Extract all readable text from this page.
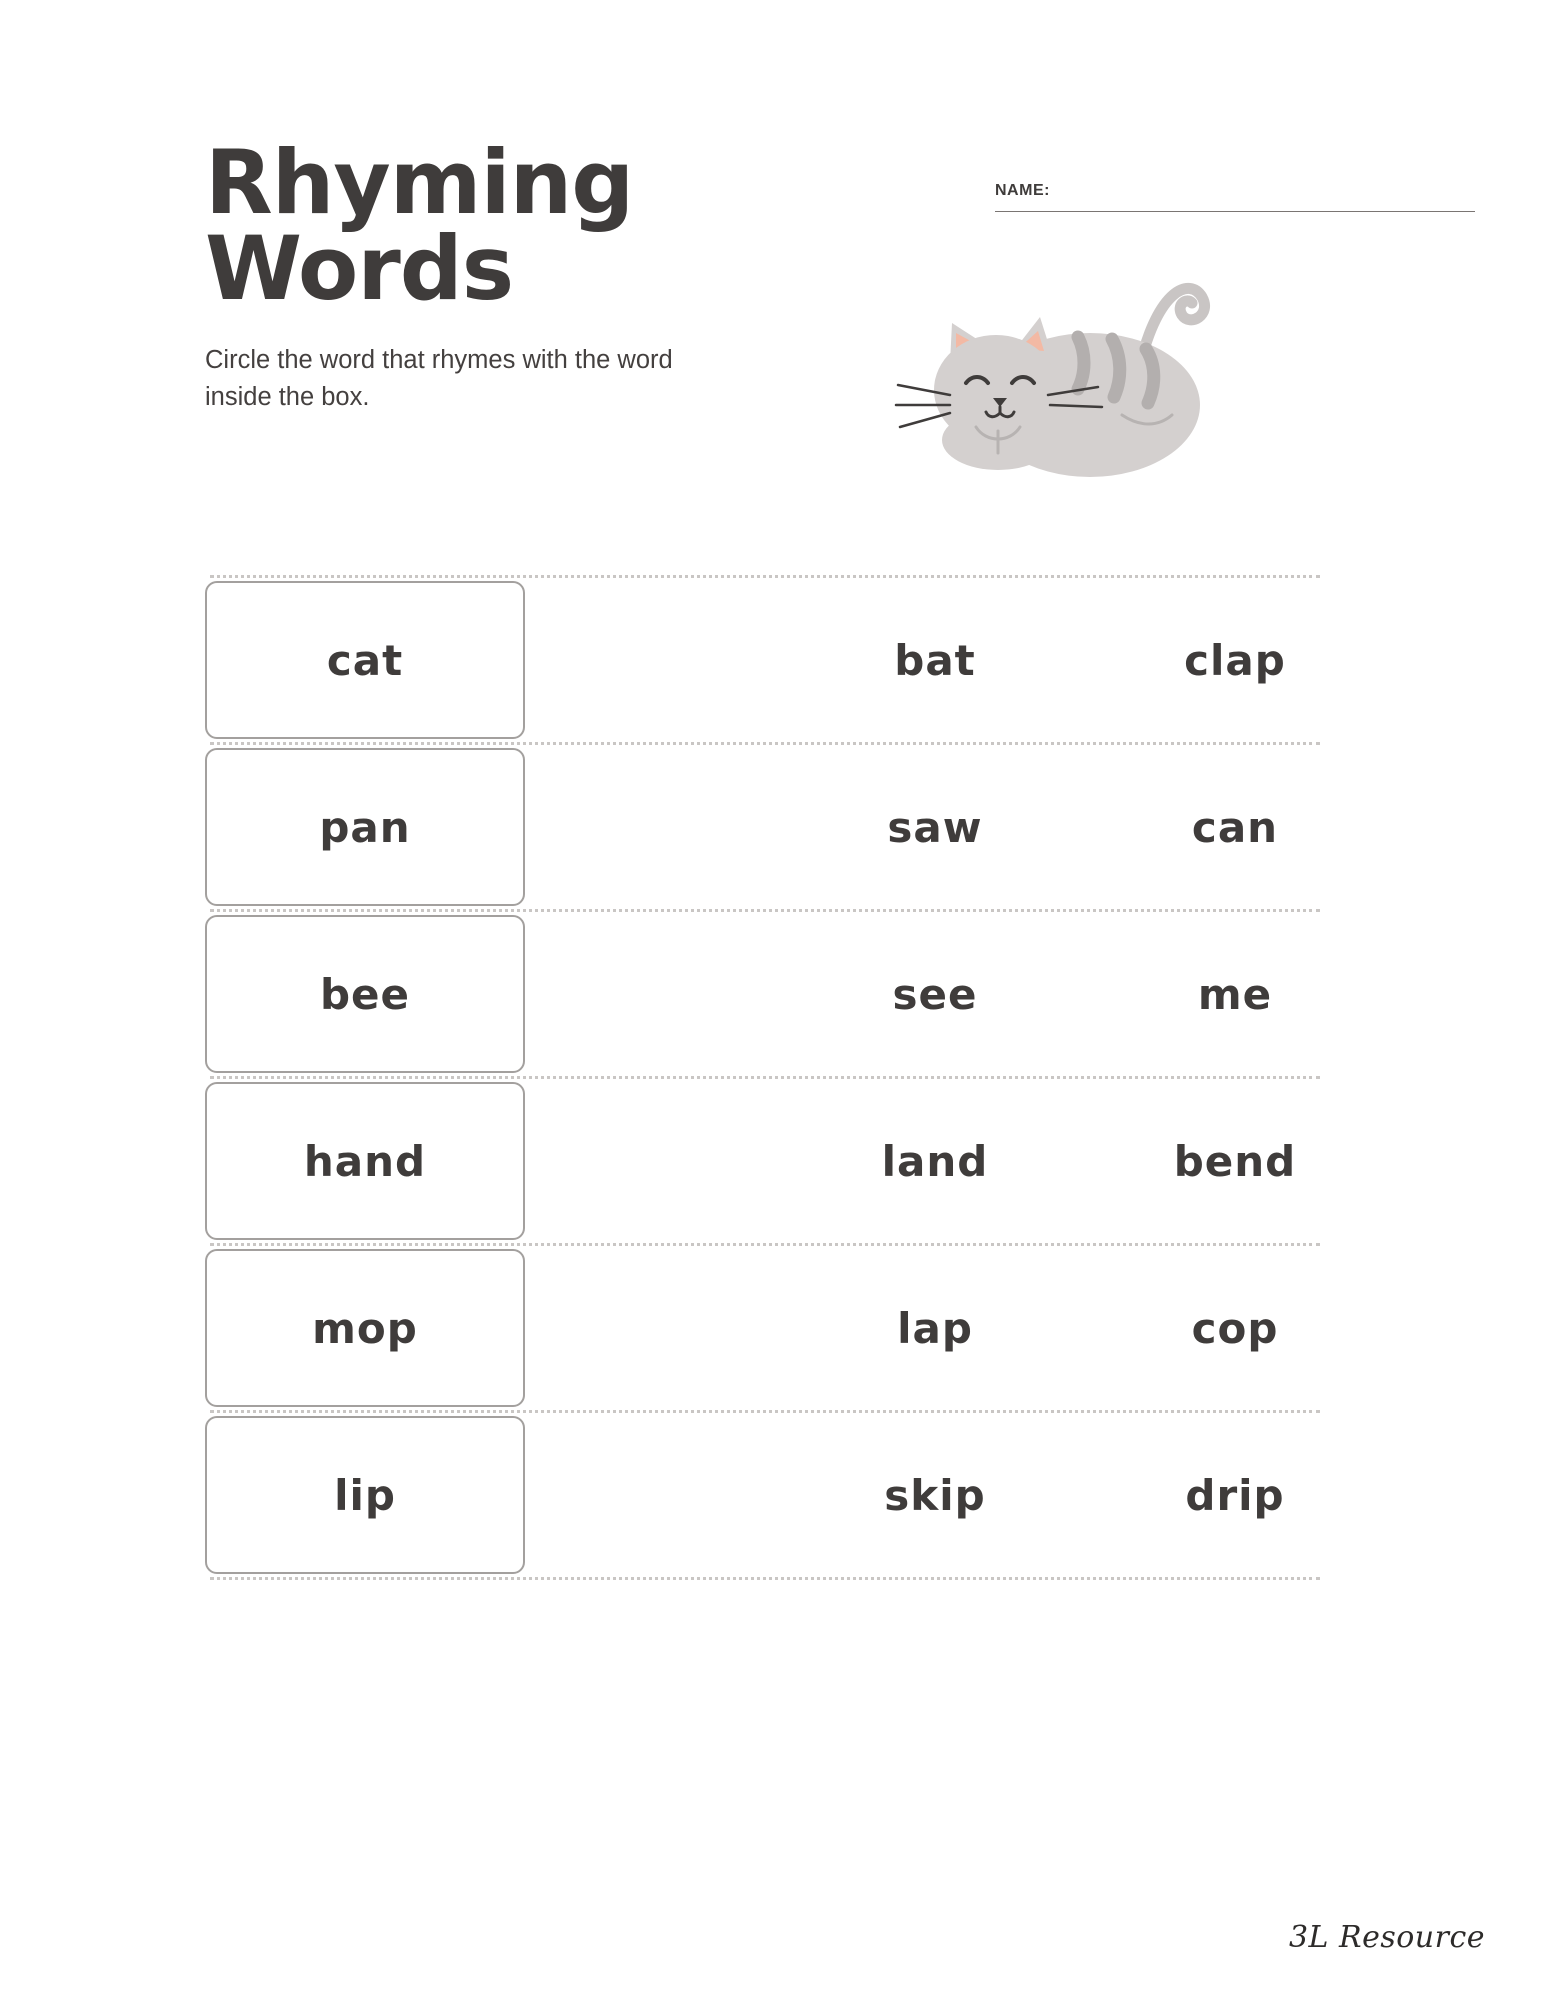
Rhyming Words
Circle the word that rhymes with the word inside the box.
NAME:
cat	bat	clap
pan	saw	can
bee	see	me
hand	land	bend
mop	lap	cop
lip	skip	drip
3L Resource
